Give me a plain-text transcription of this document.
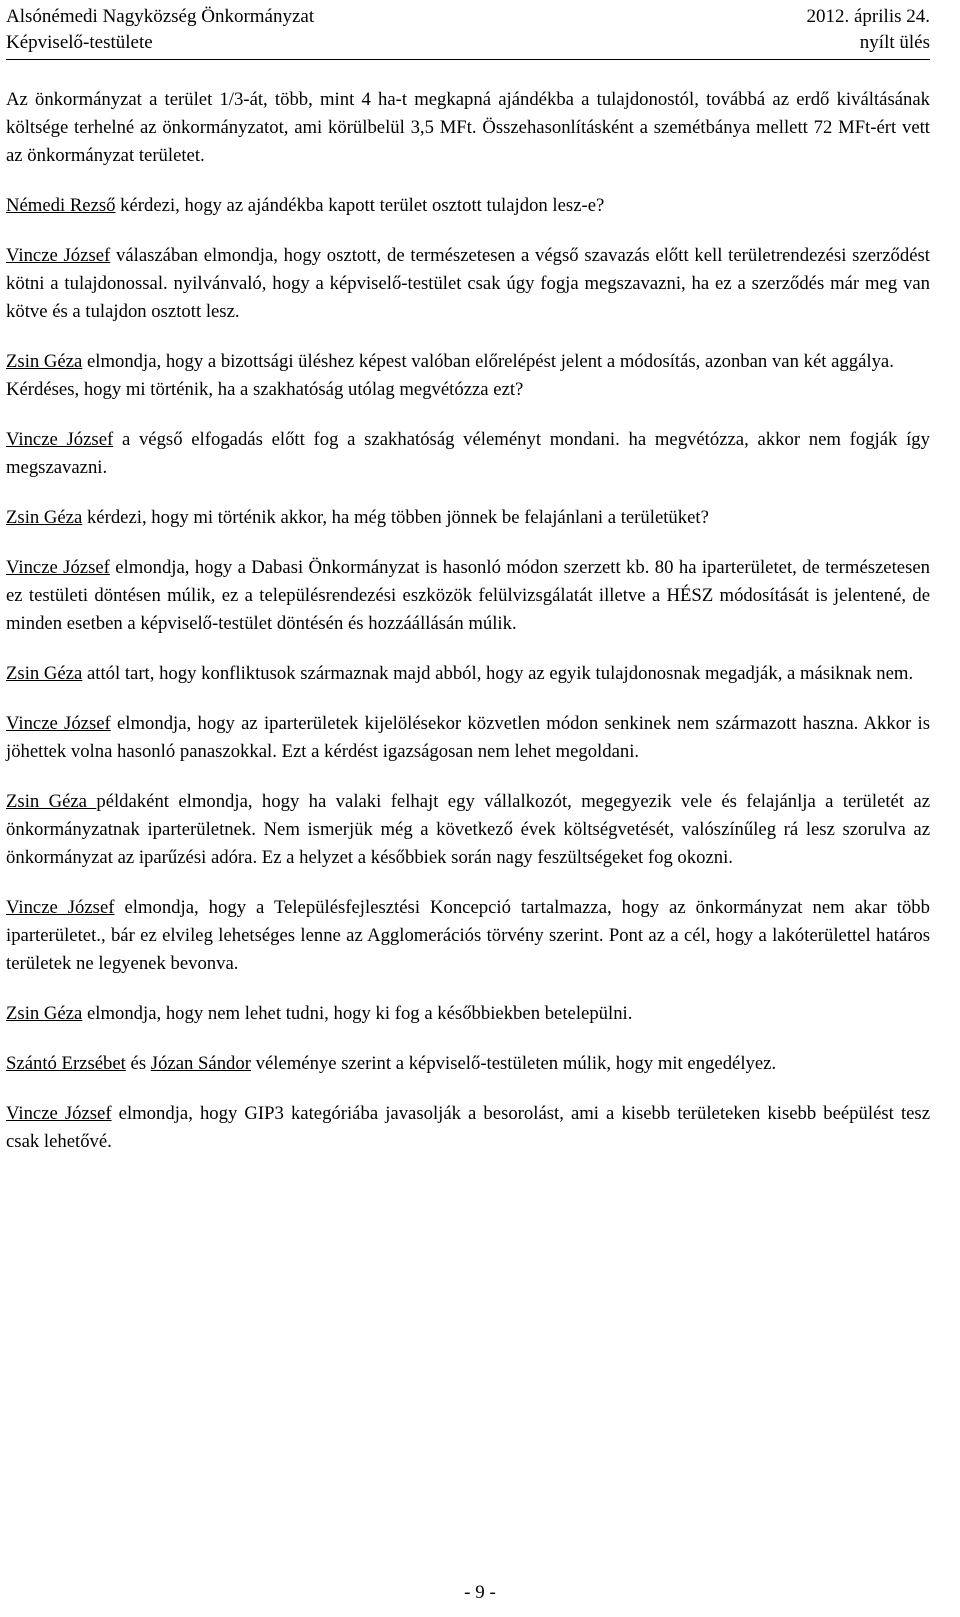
Alsónémedi Nagyközség Önkormányzat	2012. április 24.
Képviselő-testülete	nyílt ülés

Az önkormányzat a terület 1/3-át, több, mint 4 ha-t megkapná ajándékba a tulajdonostól, továbbá az erdő kiváltásának költsége terhelné az önkormányzatot, ami körülbelül 3,5 MFt. Összehasonlításként a szemétbánya mellett 72 MFt-ért vett az önkormányzat területet.

Némedi Rezső kérdezi, hogy az ajándékba kapott terület osztott tulajdon lesz-e?

Vincze József válaszában elmondja, hogy osztott, de természetesen a végső szavazás előtt kell területrendezési szerződést kötni a tulajdonossal. nyilvánvaló, hogy a képviselő-testület csak úgy fogja megszavazni, ha ez a szerződés már meg van kötve és a tulajdon osztott lesz.

Zsin Géza elmondja, hogy a bizottsági üléshez képest valóban előrelépést jelent a módosítás, azonban van két aggálya.

Kérdéses, hogy mi történik, ha a szakhatóság utólag megvétózza ezt?

Vincze József a végső elfogadás előtt fog a szakhatóság véleményt mondani. ha megvétózza, akkor nem fogják így megszavazni.

Zsin Géza kérdezi, hogy mi történik akkor, ha még többen jönnek be felajánlani a területüket?

Vincze József elmondja, hogy a Dabasi Önkormányzat is hasonló módon szerzett kb. 80 ha iparterületet, de természetesen ez testületi döntésen múlik, ez a településrendezési eszközök felülvizsgálatát illetve a HÉSZ módosítását is jelentené, de minden esetben a képviselő-testület döntésén és hozzáállásán múlik.

Zsin Géza attól tart, hogy konfliktusok származnak majd abból, hogy az egyik tulajdonosnak megadják, a másiknak nem.

Vincze József elmondja, hogy az iparterületek kijelölésekor közvetlen módon senkinek nem származott haszna. Akkor is jöhettek volna hasonló panaszokkal. Ezt a kérdést igazságosan nem lehet megoldani.

Zsin Géza példaként elmondja, hogy ha valaki felhajt egy vállalkozót, megegyezik vele és felajánlja a területét az önkormányzatnak iparterületnek. Nem ismerjük még a következő évek költségvetését, valószínűleg rá lesz szorulva az önkormányzat az iparűzési adóra. Ez a helyzet a későbbiek során nagy feszültségeket fog okozni.

Vincze József elmondja, hogy a Településfejlesztési Koncepció tartalmazza, hogy az önkormányzat nem akar több iparterületet., bár ez elvileg lehetséges lenne az Agglomerációs törvény szerint. Pont az a cél, hogy a lakóterülettel határos területek ne legyenek bevonva.

Zsin Géza elmondja, hogy nem lehet tudni, hogy ki fog a későbbiekben betelepülni.

Szántó Erzsébet és Józan Sándor véleménye szerint a képviselő-testületen múlik, hogy mit engedélyez.

Vincze József elmondja, hogy GIP3 kategóriába javasolják a besorolást, ami a kisebb területeken kisebb beépülést tesz csak lehetővé.

- 9 -
